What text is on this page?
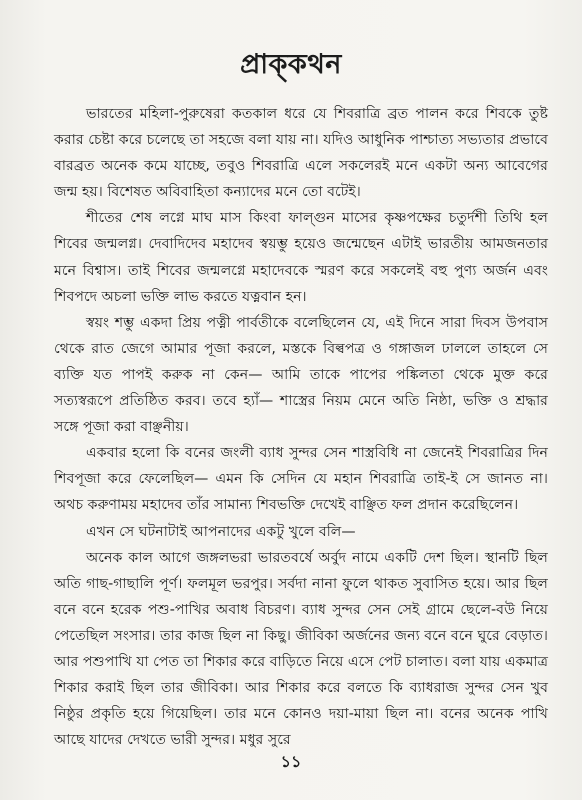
প্রাক্‌কথন

ভারতের মহিলা-পুরুষেরা কতকাল ধরে যে শিবরাত্রি ব্রত পালন করে শিবকে তুষ্ট করার চেষ্টা করে চলেছে তা সহজে বলা যায় না। যদিও আধুনিক পাশ্চাত্য সভ্যতার প্রভাবে বারব্রত অনেক কমে যাচ্ছে, তবুও শিবরাত্রি এলে সকলেরই মনে একটা অন্য আবেগের জন্ম হয়। বিশেষত অবিবাহিতা কন্যাদের মনে তো বটেই।

শীতের শেষ লগ্নে মাঘ মাস কিংবা ফাল্গুন মাসের কৃষ্ণপক্ষের চতুর্দশী তিথি হল শিবের জন্মলগ্ন। দেবাদিদেব মহাদেব স্বয়ম্ভু হয়েও জন্মেছেন এটাই ভারতীয় আমজনতার মনে বিশ্বাস। তাই শিবের জন্মলগ্নে মহাদেবকে স্মরণ করে সকলেই বহু পুণ্য অর্জন এবং শিবপদে অচলা ভক্তি লাভ করতে যত্নবান হন।

স্বয়ং শম্ভু একদা প্রিয় পত্নী পার্বতীকে বলেছিলেন যে, এই দিনে সারা দিবস উপবাস থেকে রাত জেগে আমার পূজা করলে, মস্তকে বিল্বপত্র ও গঙ্গাজল ঢাললে তাহলে সে ব্যক্তি যত পাপই করুক না কেন— আমি তাকে পাপের পঙ্কিলতা থেকে মুক্ত করে সত্যস্বরূপে প্রতিষ্ঠিত করব। তবে হ্যাঁ— শাস্ত্রের নিয়ম মেনে অতি নিষ্ঠা, ভক্তি ও শ্রদ্ধার সঙ্গে পূজা করা বাঞ্ছনীয়।

একবার হলো কি বনের জংলী ব্যাধ সুন্দর সেন শাস্ত্রবিধি না জেনেই শিবরাত্রির দিন শিবপূজা করে ফেলেছিল— এমন কি সেদিন যে মহান শিবরাত্রি তাই-ই সে জানত না। অথচ করুণাময় মহাদেব তাঁর সামান্য শিবভক্তি দেখেই বাঞ্ছিত ফল প্রদান করেছিলেন।

এখন সে ঘটনাটাই আপনাদের একটু খুলে বলি—

অনেক কাল আগে জঙ্গলভরা ভারতবর্ষে অর্বুদ নামে একটি দেশ ছিল। স্থানটি ছিল অতি গাছ-গাছালি পূর্ণ। ফলমূল ভরপুর। সর্বদা নানা ফুলে থাকত সুবাসিত হয়ে। আর ছিল বনে বনে হরেক পশু-পাখির অবাধ বিচরণ। ব্যাধ সুন্দর সেন সেই গ্রামে ছেলে-বউ নিয়ে পেতেছিল সংসার। তার কাজ ছিল না কিছু। জীবিকা অর্জনের জন্য বনে বনে ঘুরে বেড়াত। আর পশুপাখি যা পেত তা শিকার করে বাড়িতে নিয়ে এসে পেট চালাত। বলা যায় একমাত্র শিকার করাই ছিল তার জীবিকা। আর শিকার করে বলতে কি ব্যাধরাজ সুন্দর সেন খুব নিষ্ঠুর প্রকৃতি হয়ে গিয়েছিল। তার মনে কোনও দয়া-মায়া ছিল না। বনের অনেক পাখি আছে যাদের দেখতে ভারী সুন্দর। মধুর সুরে

১১
